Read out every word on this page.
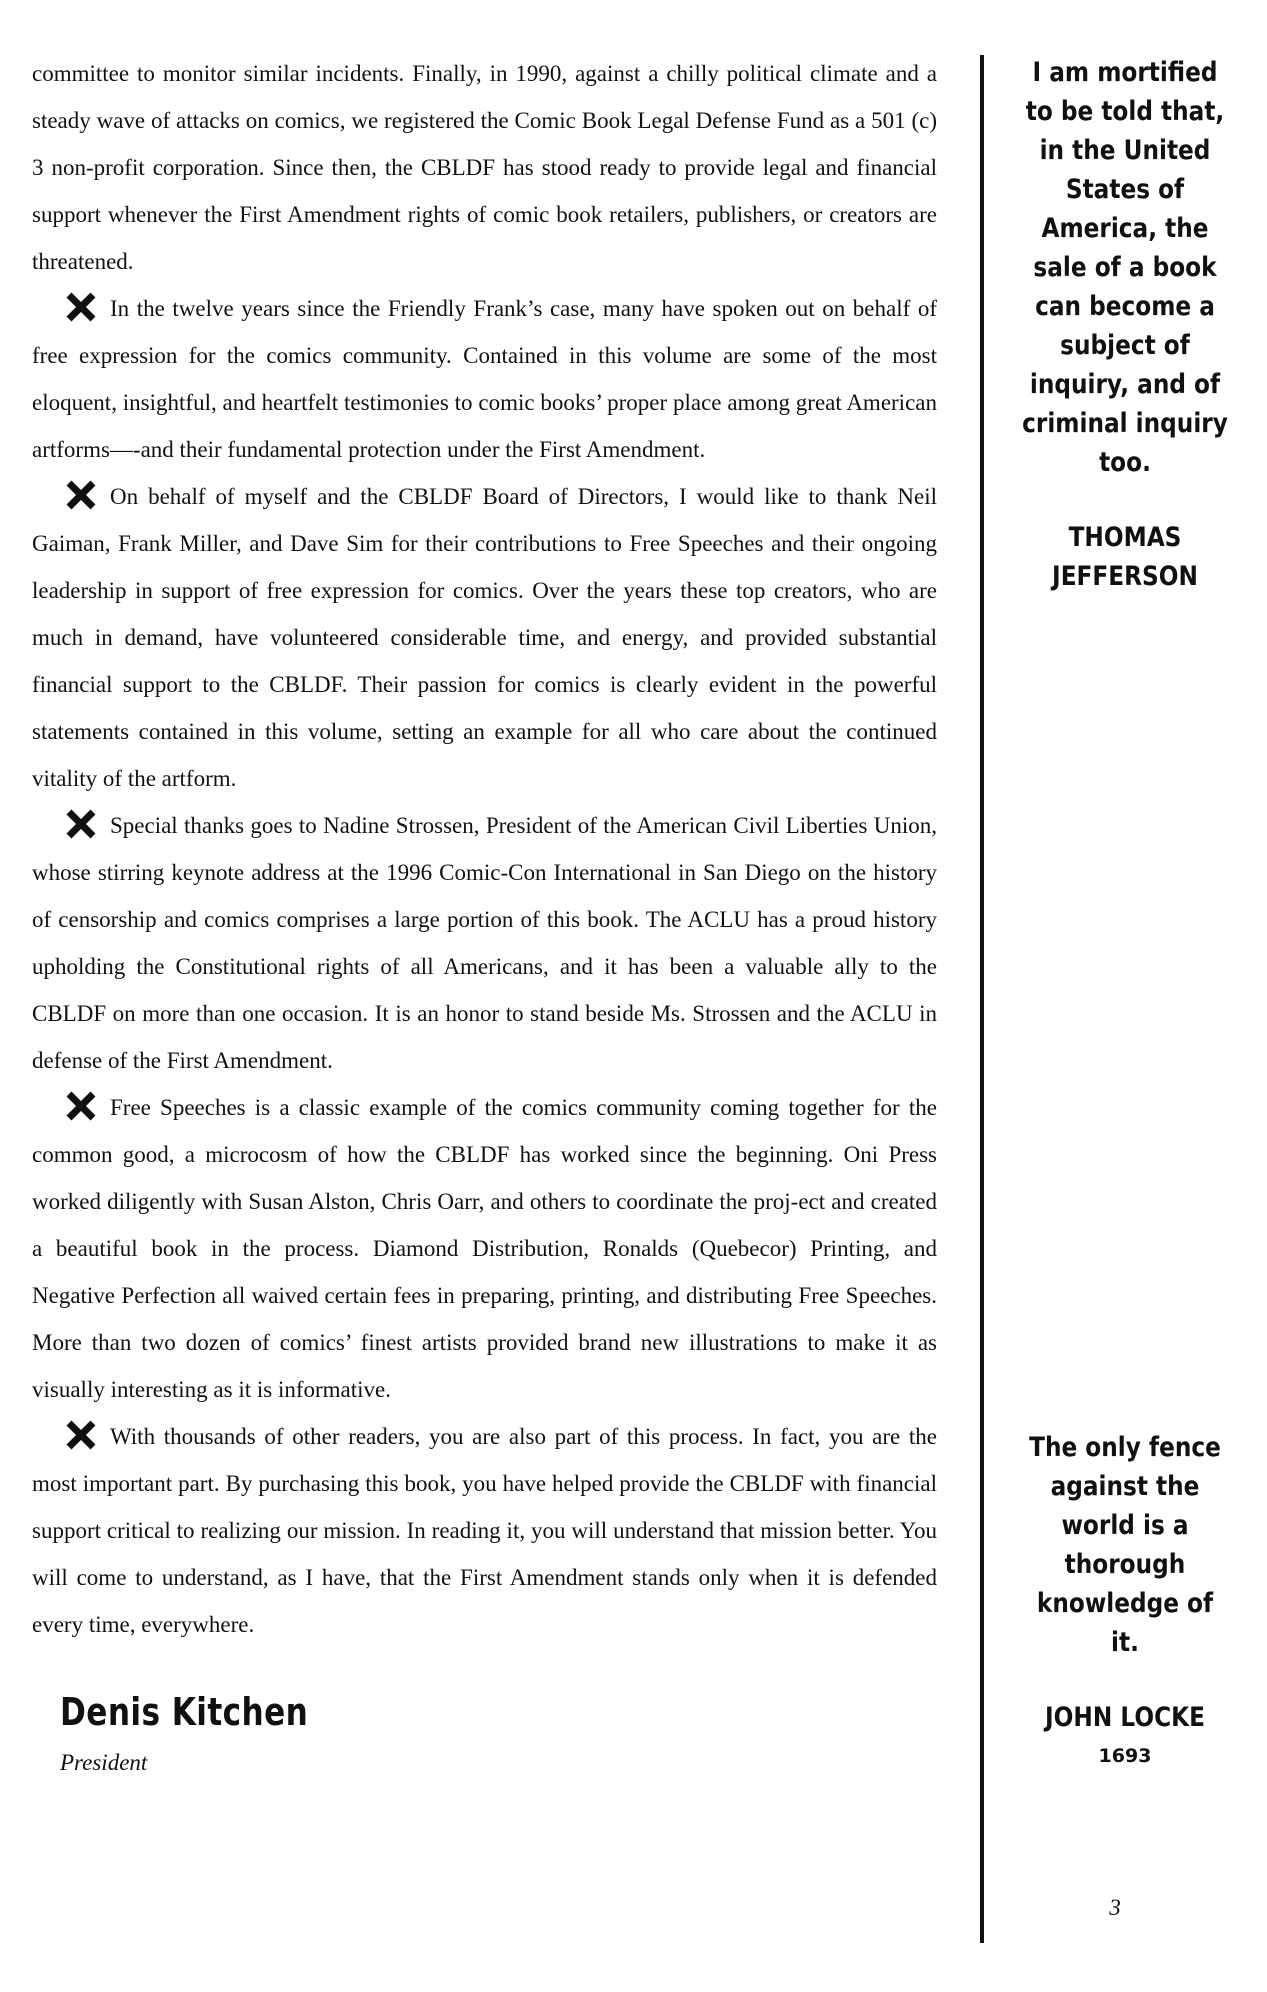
committee to monitor similar incidents. Finally, in 1990, against a chilly political climate and a steady wave of attacks on comics, we registered the Comic Book Legal Defense Fund as a 501 (c) 3 non-profit corporation. Since then, the CBLDF has stood ready to provide legal and financial support whenever the First Amendment rights of comic book retailers, publishers, or creators are threatened.

In the twelve years since the Friendly Frank’s case, many have spoken out on behalf of free expression for the comics community. Contained in this volume are some of the most eloquent, insightful, and heartfelt testimonies to comic books’ proper place among great American artforms—-and their fundamental protection under the First Amendment.

On behalf of myself and the CBLDF Board of Directors, I would like to thank Neil Gaiman, Frank Miller, and Dave Sim for their contributions to Free Speeches and their ongoing leadership in support of free expression for comics. Over the years these top creators, who are much in demand, have volunteered considerable time, and energy, and provided substantial financial support to the CBLDF. Their passion for comics is clearly evident in the powerful statements contained in this volume, setting an example for all who care about the continued vitality of the artform.

Special thanks goes to Nadine Strossen, President of the American Civil Liberties Union, whose stirring keynote address at the 1996 Comic-Con International in San Diego on the history of censorship and comics comprises a large portion of this book. The ACLU has a proud history upholding the Constitutional rights of all Americans, and it has been a valuable ally to the CBLDF on more than one occasion. It is an honor to stand beside Ms. Strossen and the ACLU in defense of the First Amendment.

Free Speeches is a classic example of the comics community coming together for the common good, a microcosm of how the CBLDF has worked since the beginning. Oni Press worked diligently with Susan Alston, Chris Oarr, and others to coordinate the proj-ect and created a beautiful book in the process. Diamond Distribution, Ronalds (Quebecor) Printing, and Negative Perfection all waived certain fees in preparing, printing, and distributing Free Speeches. More than two dozen of comics’ finest artists provided brand new illustrations to make it as visually interesting as it is informative.

With thousands of other readers, you are also part of this process. In fact, you are the most important part. By purchasing this book, you have helped provide the CBLDF with financial support critical to realizing our mission. In reading it, you will understand that mission better. You will come to understand, as I have, that the First Amendment stands only when it is defended every time, everywhere.

Denis Kitchen
President
I am mortified to be told that, in the United States of America, the sale of a book can become a subject of inquiry, and of criminal inquiry too.
THOMAS JEFFERSON
The only fence against the world is a thorough knowledge of it.
JOHN LOCKE
1693
3
